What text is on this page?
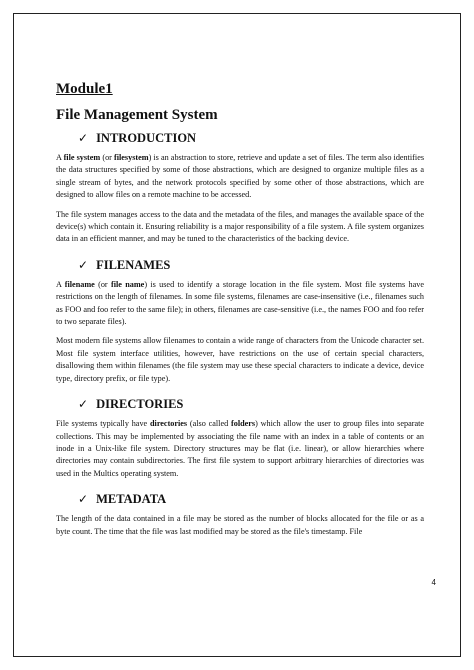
Module1
File Management System
✓ INTRODUCTION

A file system (or filesystem) is an abstraction to store, retrieve and update a set of files. The term also identifies the data structures specified by some of those abstractions, which are designed to organize multiple files as a single stream of bytes, and the network protocols specified by some other of those abstractions, which are designed to allow files on a remote machine to be accessed.

The file system manages access to the data and the metadata of the files, and manages the available space of the device(s) which contain it. Ensuring reliability is a major responsibility of a file system. A file system organizes data in an efficient manner, and may be tuned to the characteristics of the backing device.

✓ FILENAMES

A filename (or file name) is used to identify a storage location in the file system. Most file systems have restrictions on the length of filenames. In some file systems, filenames are case-insensitive (i.e., filenames such as FOO and foo refer to the same file); in others, filenames are case-sensitive (i.e., the names FOO and foo refer to two separate files).

Most modern file systems allow filenames to contain a wide range of characters from the Unicode character set. Most file system interface utilities, however, have restrictions on the use of certain special characters, disallowing them within filenames (the file system may use these special characters to indicate a device, device type, directory prefix, or file type).

✓ DIRECTORIES

File systems typically have directories (also called folders) which allow the user to group files into separate collections. This may be implemented by associating the file name with an index in a table of contents or an inode in a Unix-like file system. Directory structures may be flat (i.e. linear), or allow hierarchies where directories may contain subdirectories. The first file system to support arbitrary hierarchies of directories was used in the Multics operating system.

✓ METADATA

The length of the data contained in a file may be stored as the number of blocks allocated for the file or as a byte count. The time that the file was last modified may be stored as the file's timestamp. File

4
